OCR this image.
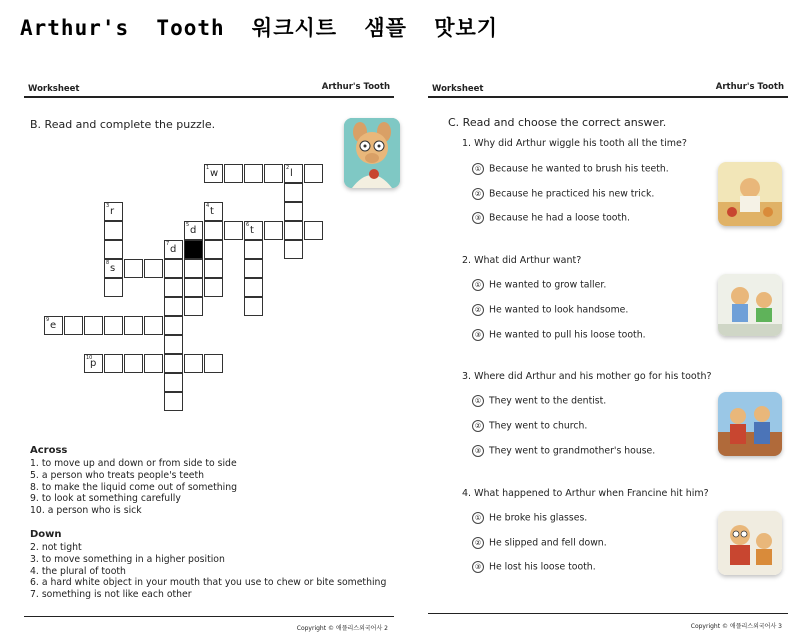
Arthur's  Tooth  워크시트  샘플  맛보기
Worksheet	Arthur's Tooth
B. Read and complete the puzzle.
1 w	2 l
3 r
8 s
4 t
5 d	6 t
7 d
9 e
10
p
Across
1. to move up and down or from side to side
5. a person who treats people's teeth
8. to make the liquid come out of something
9. to look at something carefully
10. a person who is sick
Down
2. not tight
3. to move something in a higher position
4. the plural of tooth
6. a hard white object in your mouth that you use to chew or bite something
7. something is not like each other
Copyright © 애플리스외국어사 2
Worksheet	Arthur's Tooth
C. Read and choose the correct answer.
1. Why did Arthur wiggle his tooth all the time?
① Because he wanted to brush his teeth.
② Because he practiced his new trick.
③ Because he had a loose tooth.
2. What did Arthur want?
① He wanted to grow taller.
② He wanted to look handsome.
③ He wanted to pull his loose tooth.
3. Where did Arthur and his mother go for his tooth?
① They went to the dentist.
② They went to church.
③ They went to grandmother's house.
4. What happened to Arthur when Francine hit him?
① He broke his glasses.
② He slipped and fell down.
③ He lost his loose tooth.
Copyright © 애플리스외국어사 3
